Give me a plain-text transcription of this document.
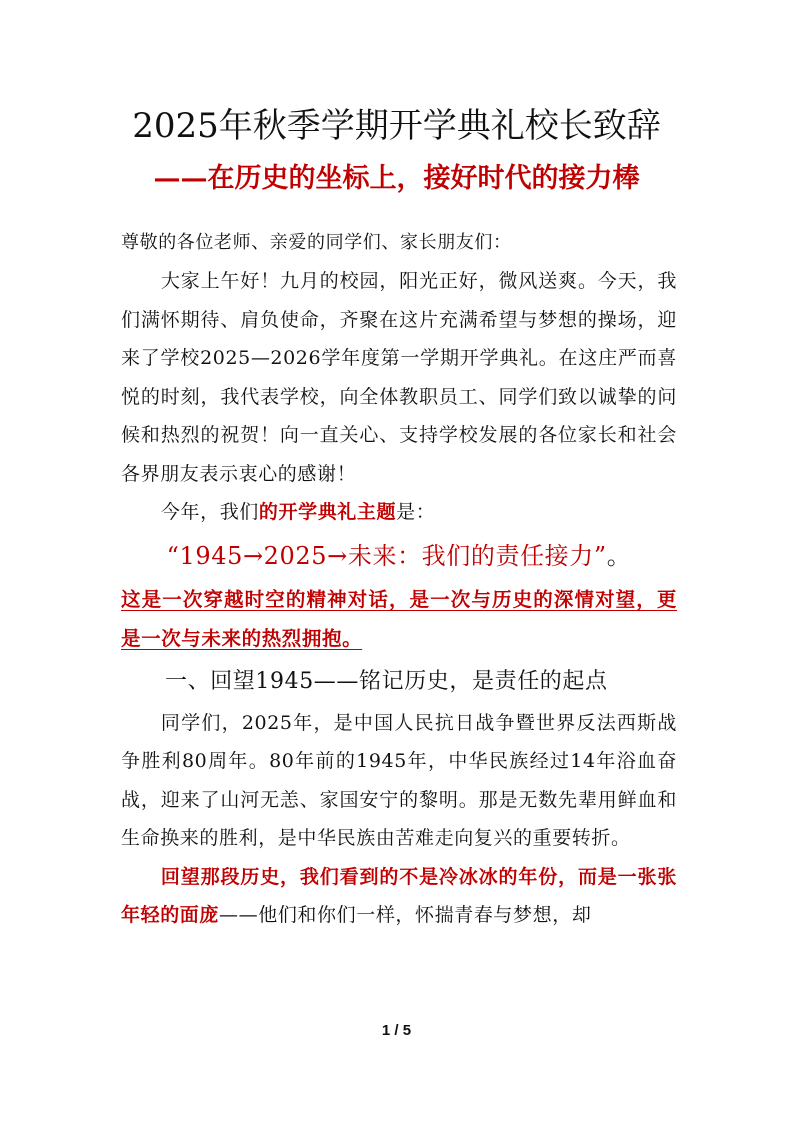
2025年秋季学期开学典礼校长致辞
——在历史的坐标上，接好时代的接力棒

尊敬的各位老师、亲爱的同学们、家长朋友们：

大家上午好！九月的校园，阳光正好，微风送爽。今天，我们满怀期待、肩负使命，齐聚在这片充满希望与梦想的操场，迎来了学校2025—2026学年度第一学期开学典礼。在这庄严而喜悦的时刻，我代表学校，向全体教职员工、同学们致以诚挚的问候和热烈的祝贺！向一直关心、支持学校发展的各位家长和社会各界朋友表示衷心的感谢！

今年，我们的开学典礼主题是：

“1945→2025→未来：我们的责任接力”。

这是一次穿越时空的精神对话，是一次与历史的深情对望，更是一次与未来的热烈拥抱。

一、回望1945——铭记历史，是责任的起点

同学们，2025年，是中国人民抗日战争暨世界反法西斯战争胜利80周年。80年前的1945年，中华民族经过14年浴血奋战，迎来了山河无恙、家国安宁的黎明。那是无数先辈用鲜血和生命换来的胜利，是中华民族由苦难走向复兴的重要转折。

回望那段历史，我们看到的不是冷冰冰的年份，而是一张张年轻的面庞——他们和你们一样，怀揣青春与梦想，却

1 / 5
